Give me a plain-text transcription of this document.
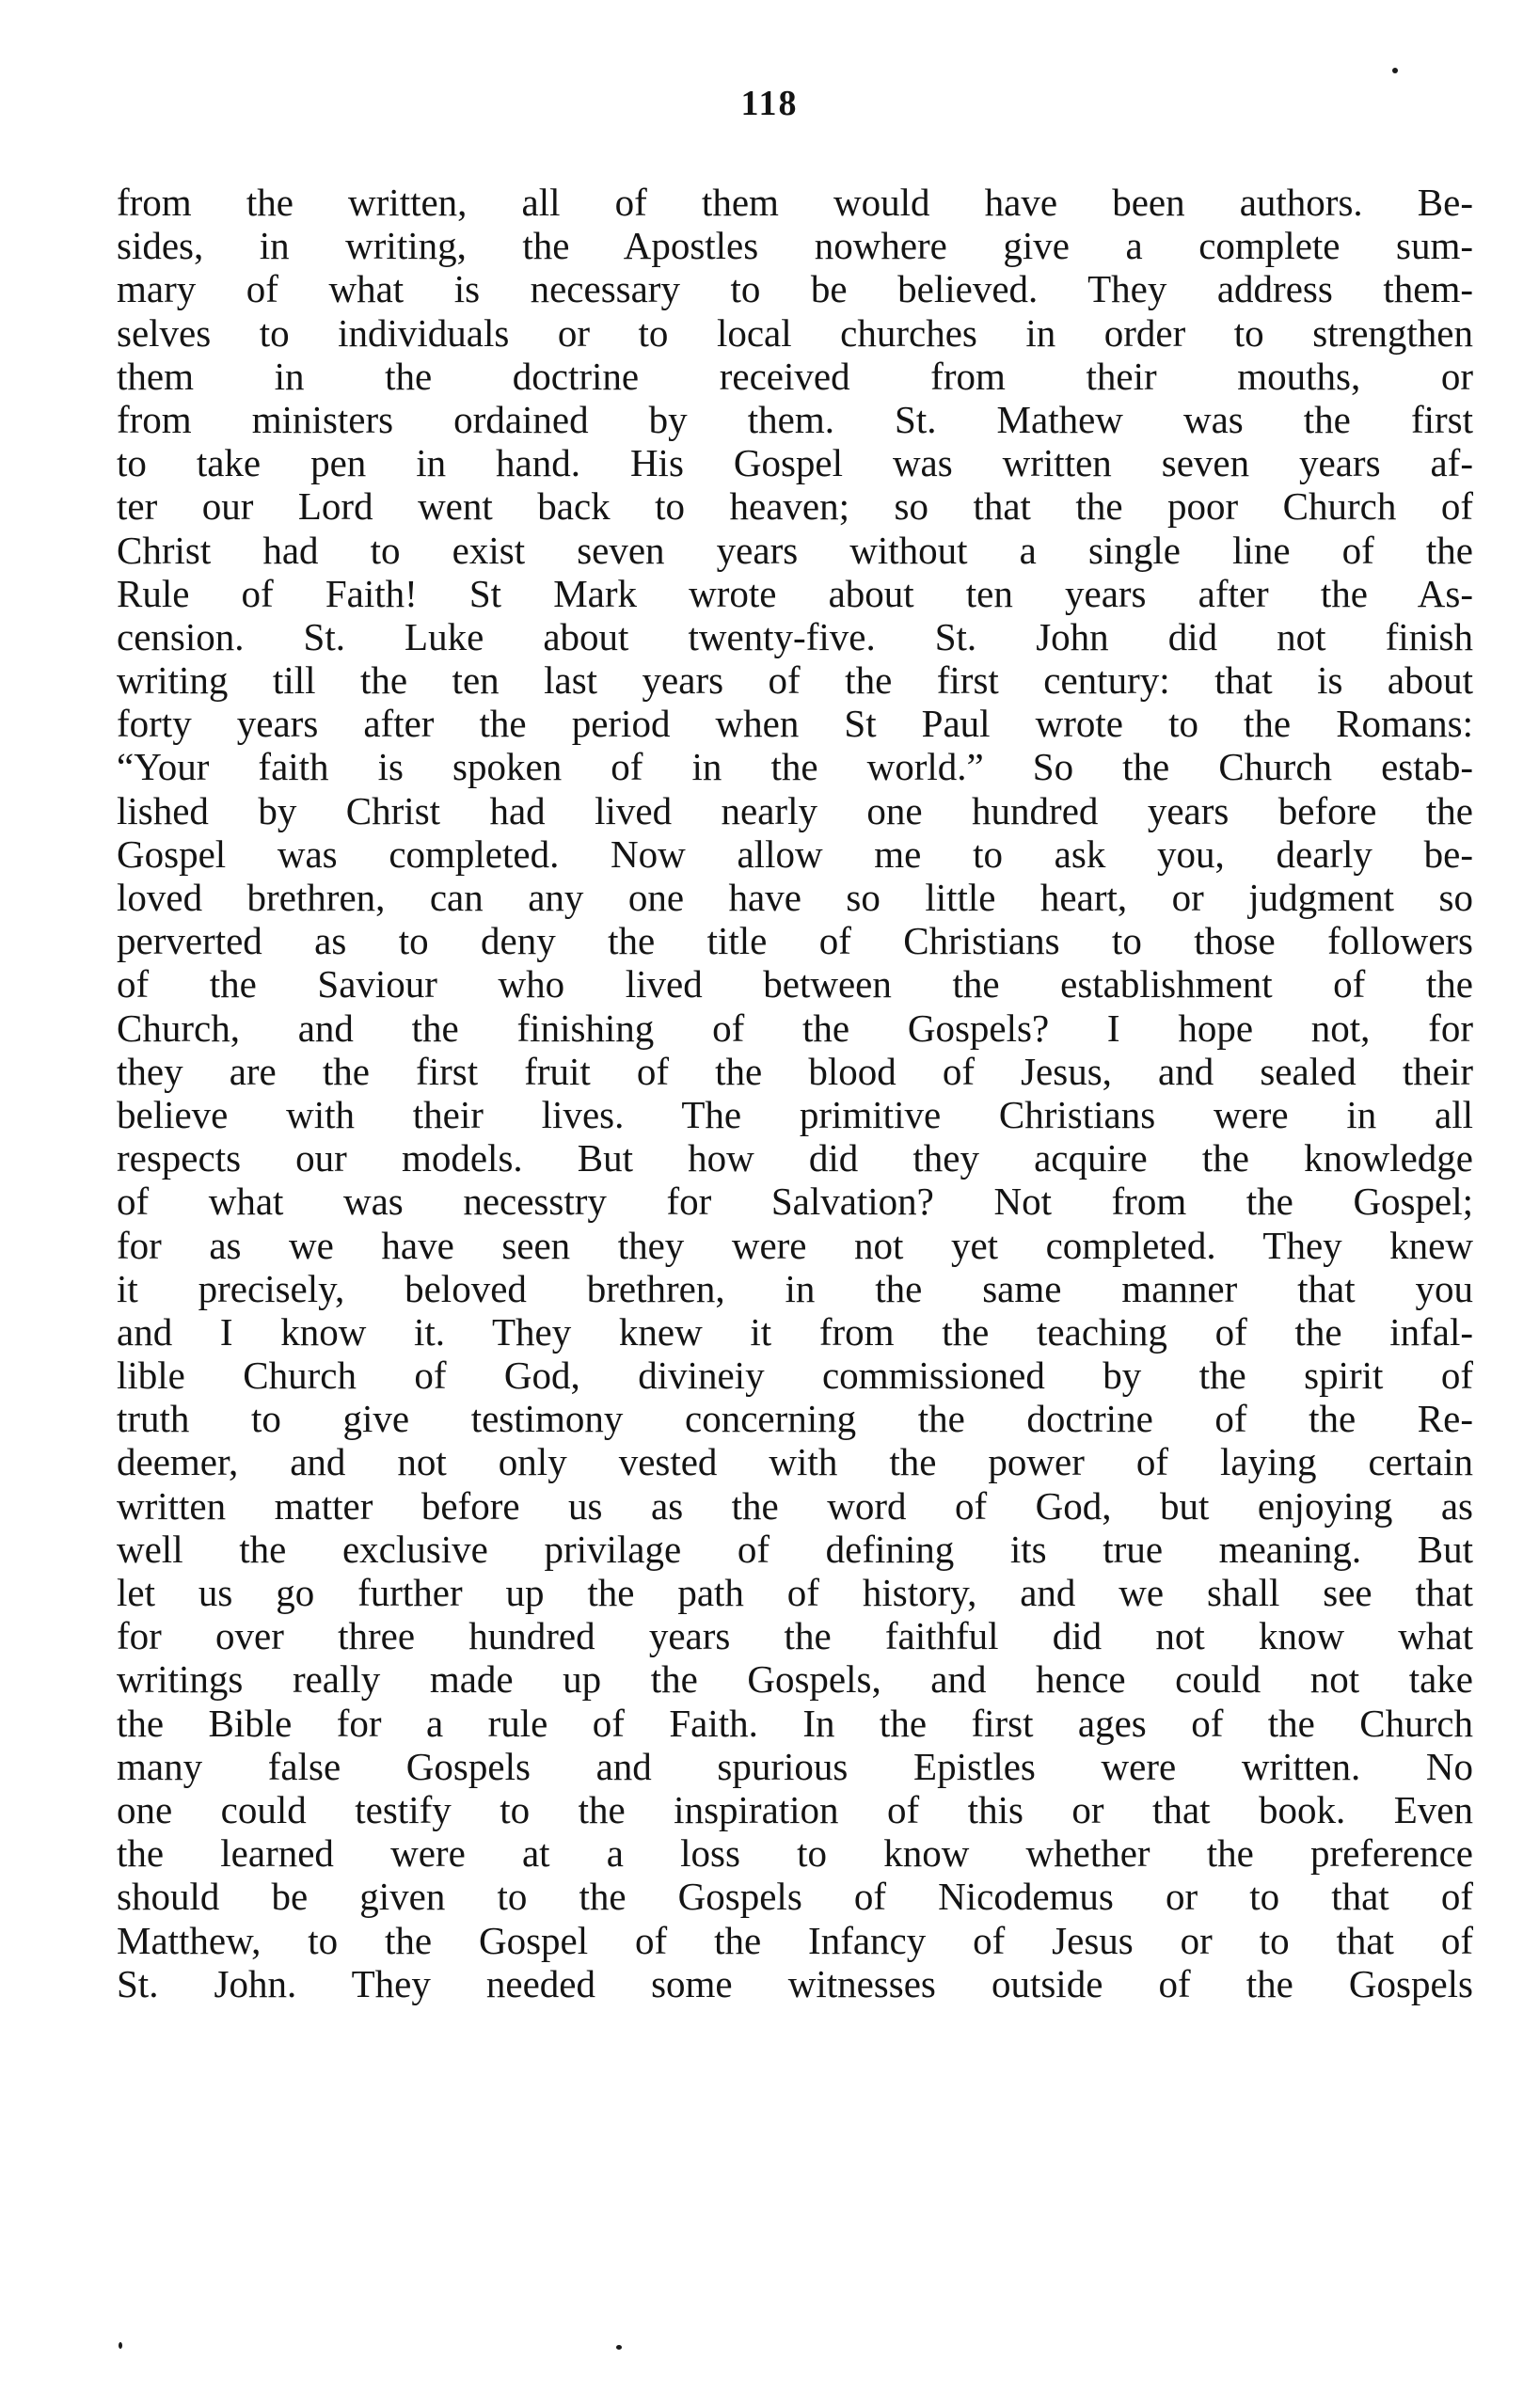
118
from the written, all of them would have been authors. Be-
sides, in writing, the Apostles nowhere give a complete sum-
mary of what is necessary to be believed. They address them-
selves to individuals or to local churches in order to strengthen
them in the doctrine received from their mouths, or
from ministers ordained by them. St. Mathew was the first
to take pen in hand. His Gospel was written seven years af-
ter our Lord went back to heaven; so that the poor Church of
Christ had to exist seven years without a single line of the
Rule of Faith! St Mark wrote about ten years after the As-
cension. St. Luke about twenty-five. St. John did not finish
writing till the ten last years of the first century: that is about
forty years after the period when St Paul wrote to the Romans:
“Your faith is spoken of in the world.” So the Church estab-
lished by Christ had lived nearly one hundred years before the
Gospel was completed. Now allow me to ask you, dearly be-
loved brethren, can any one have so little heart, or judgment so
perverted as to deny the title of Christians to those followers
of the Saviour who lived between the establishment of the
Church, and the finishing of the Gospels? I hope not, for
they are the first fruit of the blood of Jesus, and sealed their
believe with their lives. The primitive Christians were in all
respects our models. But how did they acquire the knowledge
of what was necesstry for Salvation? Not from the Gospel;
for as we have seen they were not yet completed. They knew
it precisely, beloved brethren, in the same manner that you
and I know it. They knew it from the teaching of the infal-
lible Church of God, divineiy commissioned by the spirit of
truth to give testimony concerning the doctrine of the Re-
deemer, and not only vested with the power of laying certain
written matter before us as the word of God, but enjoying as
well the exclusive privilage of defining its true meaning. But
let us go further up the path of history, and we shall see that
for over three hundred years the faithful did not know what
writings really made up the Gospels, and hence could not take
the Bible for a rule of Faith. In the first ages of the Church
many false Gospels and spurious Epistles were written. No
one could testify to the inspiration of this or that book. Even
the learned were at a loss to know whether the preference
should be given to the Gospels of Nicodemus or to that of
Matthew, to the Gospel of the Infancy of Jesus or to that of
St. John. They needed some witnesses outside of the Gospels
